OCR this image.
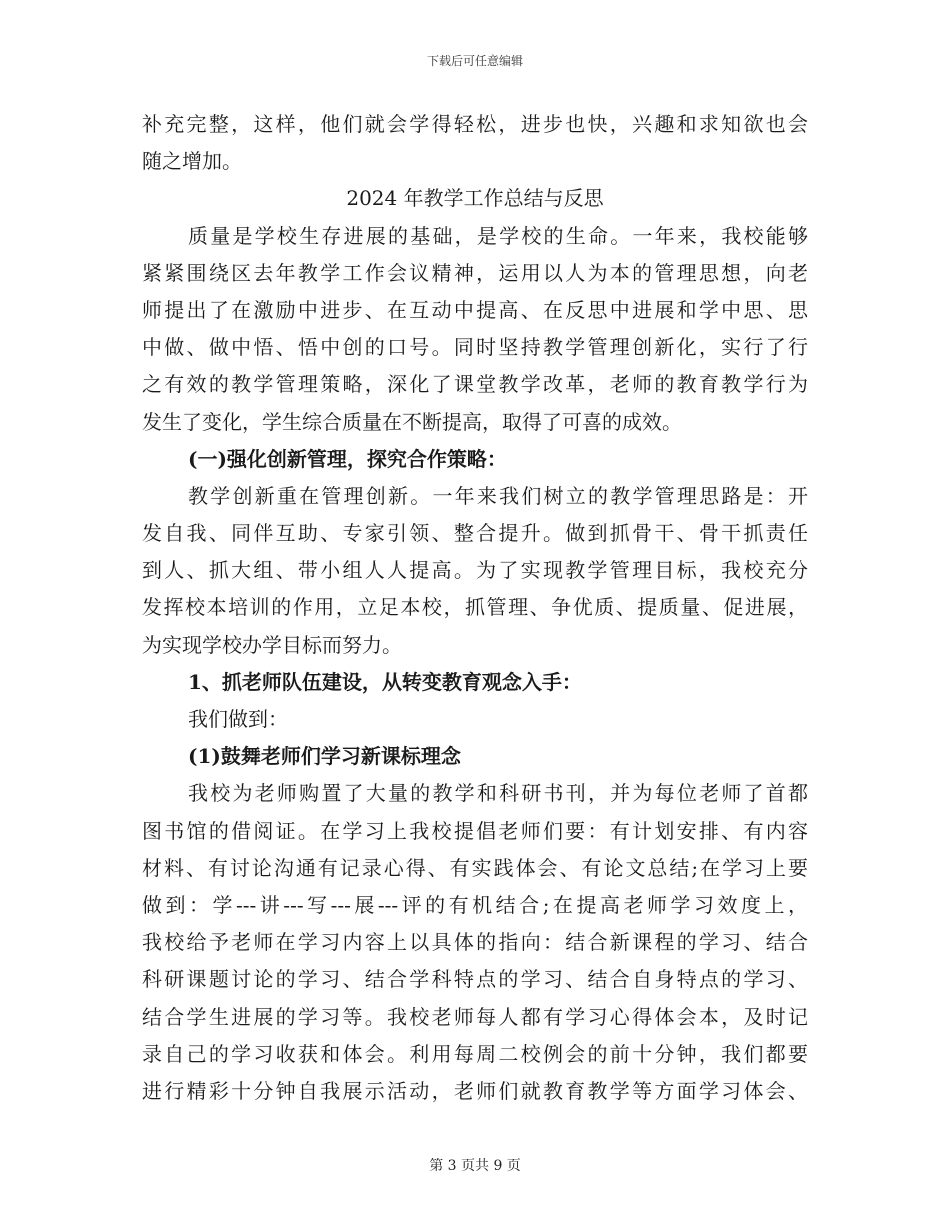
下载后可任意编辑
补充完整，这样，他们就会学得轻松，进步也快，兴趣和求知欲也会
随之增加。
2024 年教学工作总结与反思
质量是学校生存进展的基础，是学校的生命。一年来，我校能够
紧紧围绕区去年教学工作会议精神，运用以人为本的管理思想，向老
师提出了在激励中进步、在互动中提高、在反思中进展和学中思、思
中做、做中悟、悟中创的口号。同时坚持教学管理创新化，实行了行
之有效的教学管理策略，深化了课堂教学改革，老师的教育教学行为
发生了变化，学生综合质量在不断提高，取得了可喜的成效。
(一)强化创新管理，探究合作策略：
教学创新重在管理创新。一年来我们树立的教学管理思路是：开
发自我、同伴互助、专家引领、整合提升。做到抓骨干、骨干抓责任
到人、抓大组、带小组人人提高。为了实现教学管理目标，我校充分
发挥校本培训的作用，立足本校，抓管理、争优质、提质量、促进展，
为实现学校办学目标而努力。
1、抓老师队伍建设，从转变教育观念入手：
我们做到：
(1)鼓舞老师们学习新课标理念
我校为老师购置了大量的教学和科研书刊，并为每位老师了首都
图书馆的借阅证。在学习上我校提倡老师们要：有计划安排、有内容
材料、有讨论沟通有记录心得、有实践体会、有论文总结;在学习上要
做到：学---讲---写---展---评的有机结合;在提高老师学习效度上，
我校给予老师在学习内容上以具体的指向：结合新课程的学习、结合
科研课题讨论的学习、结合学科特点的学习、结合自身特点的学习、
结合学生进展的学习等。我校老师每人都有学习心得体会本，及时记
录自己的学习收获和体会。利用每周二校例会的前十分钟，我们都要
进行精彩十分钟自我展示活动，老师们就教育教学等方面学习体会、
第 3 页共 9 页
